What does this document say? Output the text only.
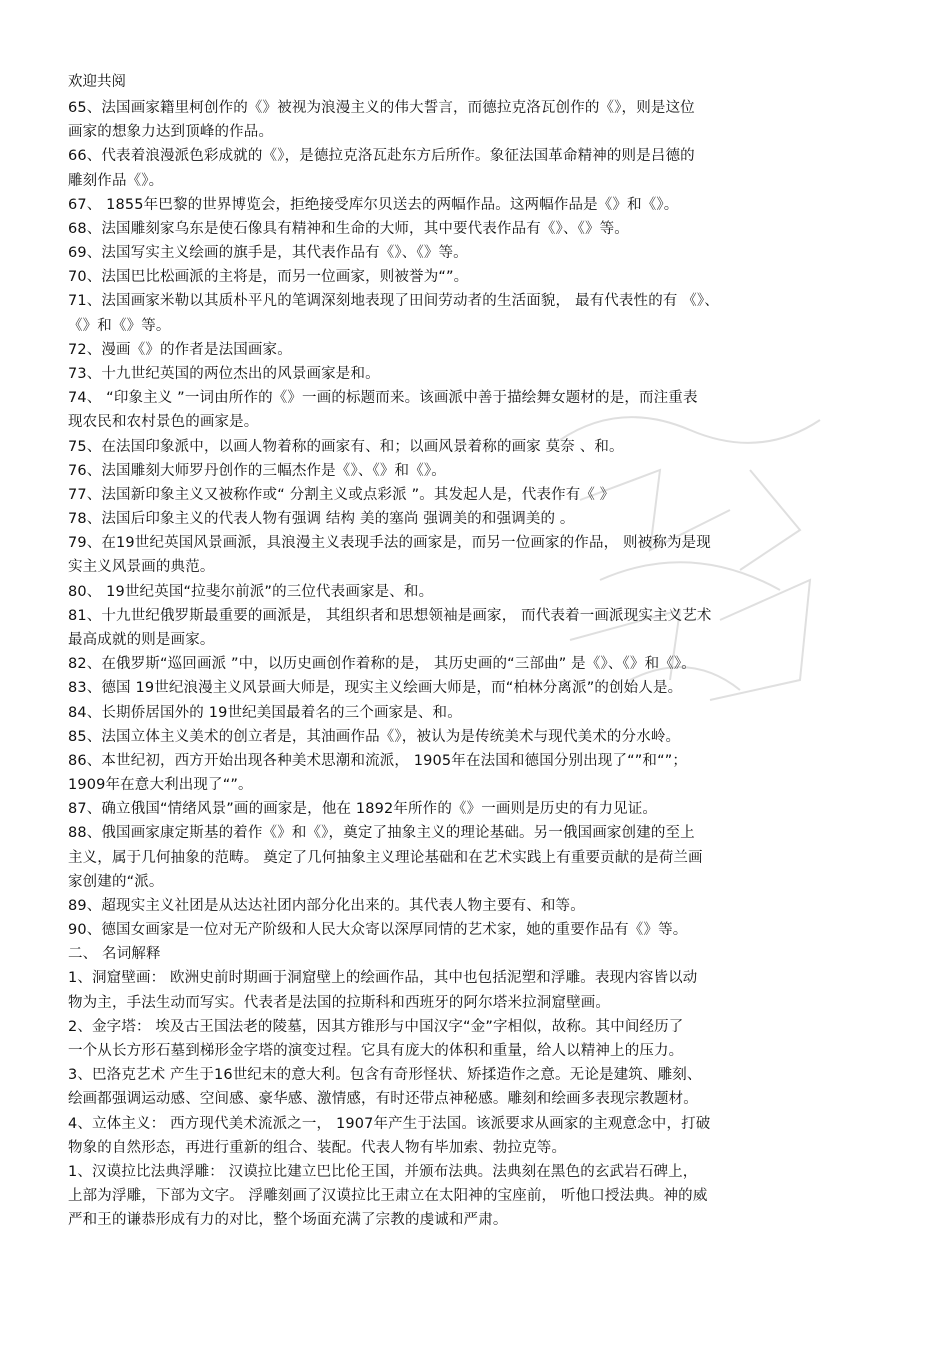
欢迎共阅
65、法国画家籍里柯创作的《》被视为浪漫主义的伟大誓言，而德拉克洛瓦创作的《》，则是这位
画家的想象力达到顶峰的作品。
66、代表着浪漫派色彩成就的《》，是德拉克洛瓦赴东方后所作。象征法国革命精神的则是吕德的
雕刻作品《》。
67、 1855年巴黎的世界博览会，拒绝接受库尔贝送去的两幅作品。这两幅作品是《》和《》。
68、法国雕刻家乌东是使石像具有精神和生命的大师，其中要代表作品有《》、《》等。
69、法国写实主义绘画的旗手是，其代表作品有《》、《》等。
70、法国巴比松画派的主将是，而另一位画家，则被誉为“”。
71、法国画家米勒以其质朴平凡的笔调深刻地表现了田间劳动者的生活面貌， 最有代表性的有 《》、
《》和《》等。
72、漫画《》的作者是法国画家。
73、十九世纪英国的两位杰出的风景画家是和。
74、 “印象主义 ”一词由所作的《》一画的标题而来。该画派中善于描绘舞女题材的是，而注重表
现农民和农村景色的画家是。
75、在法国印象派中，以画人物着称的画家有、和；以画风景着称的画家 莫奈 、和。
76、法国雕刻大师罗丹创作的三幅杰作是《》、《》和《》。
77、法国新印象主义又被称作或“ 分割主义或点彩派 ”。其发起人是，代表作有《 》
78、法国后印象主义的代表人物有强调 结构 美的塞尚 强调美的和强调美的 。
79、在19世纪英国风景画派，具浪漫主义表现手法的画家是，而另一位画家的作品， 则被称为是现
实主义风景画的典范。
80、 19世纪英国“拉斐尔前派”的三位代表画家是、和。
81、十九世纪俄罗斯最重要的画派是， 其组织者和思想领袖是画家， 而代表着一画派现实主义艺术
最高成就的则是画家。
82、在俄罗斯“巡回画派 ”中，以历史画创作着称的是， 其历史画的“三部曲” 是《》、《》和《》。
83、德国 19世纪浪漫主义风景画大师是，现实主义绘画大师是，而“柏林分离派”的创始人是。
84、长期侨居国外的 19世纪美国最着名的三个画家是、和。
85、法国立体主义美术的创立者是，其油画作品《》，被认为是传统美术与现代美术的分水岭。
86、本世纪初，西方开始出现各种美术思潮和流派， 1905年在法国和德国分别出现了“”和“”；
1909年在意大利出现了“”。
87、确立俄国“情绪风景”画的画家是，他在 1892年所作的《》一画则是历史的有力见证。
88、俄国画家康定斯基的着作《》和《》，奠定了抽象主义的理论基础。另一俄国画家创建的至上
主义，属于几何抽象的范畴。 奠定了几何抽象主义理论基础和在艺术实践上有重要贡献的是荷兰画
家创建的“派。
89、超现实主义社团是从达达社团内部分化出来的。其代表人物主要有、和等。
90、德国女画家是一位对无产阶级和人民大众寄以深厚同情的艺术家，她的重要作品有《》等。
二、 名词解释
1、洞窟壁画： 欧洲史前时期画于洞窟壁上的绘画作品，其中也包括泥塑和浮雕。表现内容皆以动
物为主，手法生动而写实。代表者是法国的拉斯科和西班牙的阿尔塔米拉洞窟壁画。
2、金字塔： 埃及古王国法老的陵墓，因其方锥形与中国汉字“金”字相似，故称。其中间经历了
一个从长方形石墓到梯形金字塔的演变过程。它具有庞大的体积和重量，给人以精神上的压力。
3、巴洛克艺术 产生于16世纪末的意大利。包含有奇形怪状、矫揉造作之意。无论是建筑、雕刻、
绘画都强调运动感、空间感、豪华感、激情感，有时还带点神秘感。雕刻和绘画多表现宗教题材。
4、立体主义： 西方现代美术流派之一， 1907年产生于法国。该派要求从画家的主观意念中，打破
物象的自然形态，再进行重新的组合、装配。代表人物有毕加索、勃拉克等。
1、汉谟拉比法典浮雕： 汉谟拉比建立巴比伦王国，并颁布法典。法典刻在黑色的玄武岩石碑上，
上部为浮雕，下部为文字。 浮雕刻画了汉谟拉比王肃立在太阳神的宝座前， 听他口授法典。神的威
严和王的谦恭形成有力的对比，整个场面充满了宗教的虔诚和严肃。
